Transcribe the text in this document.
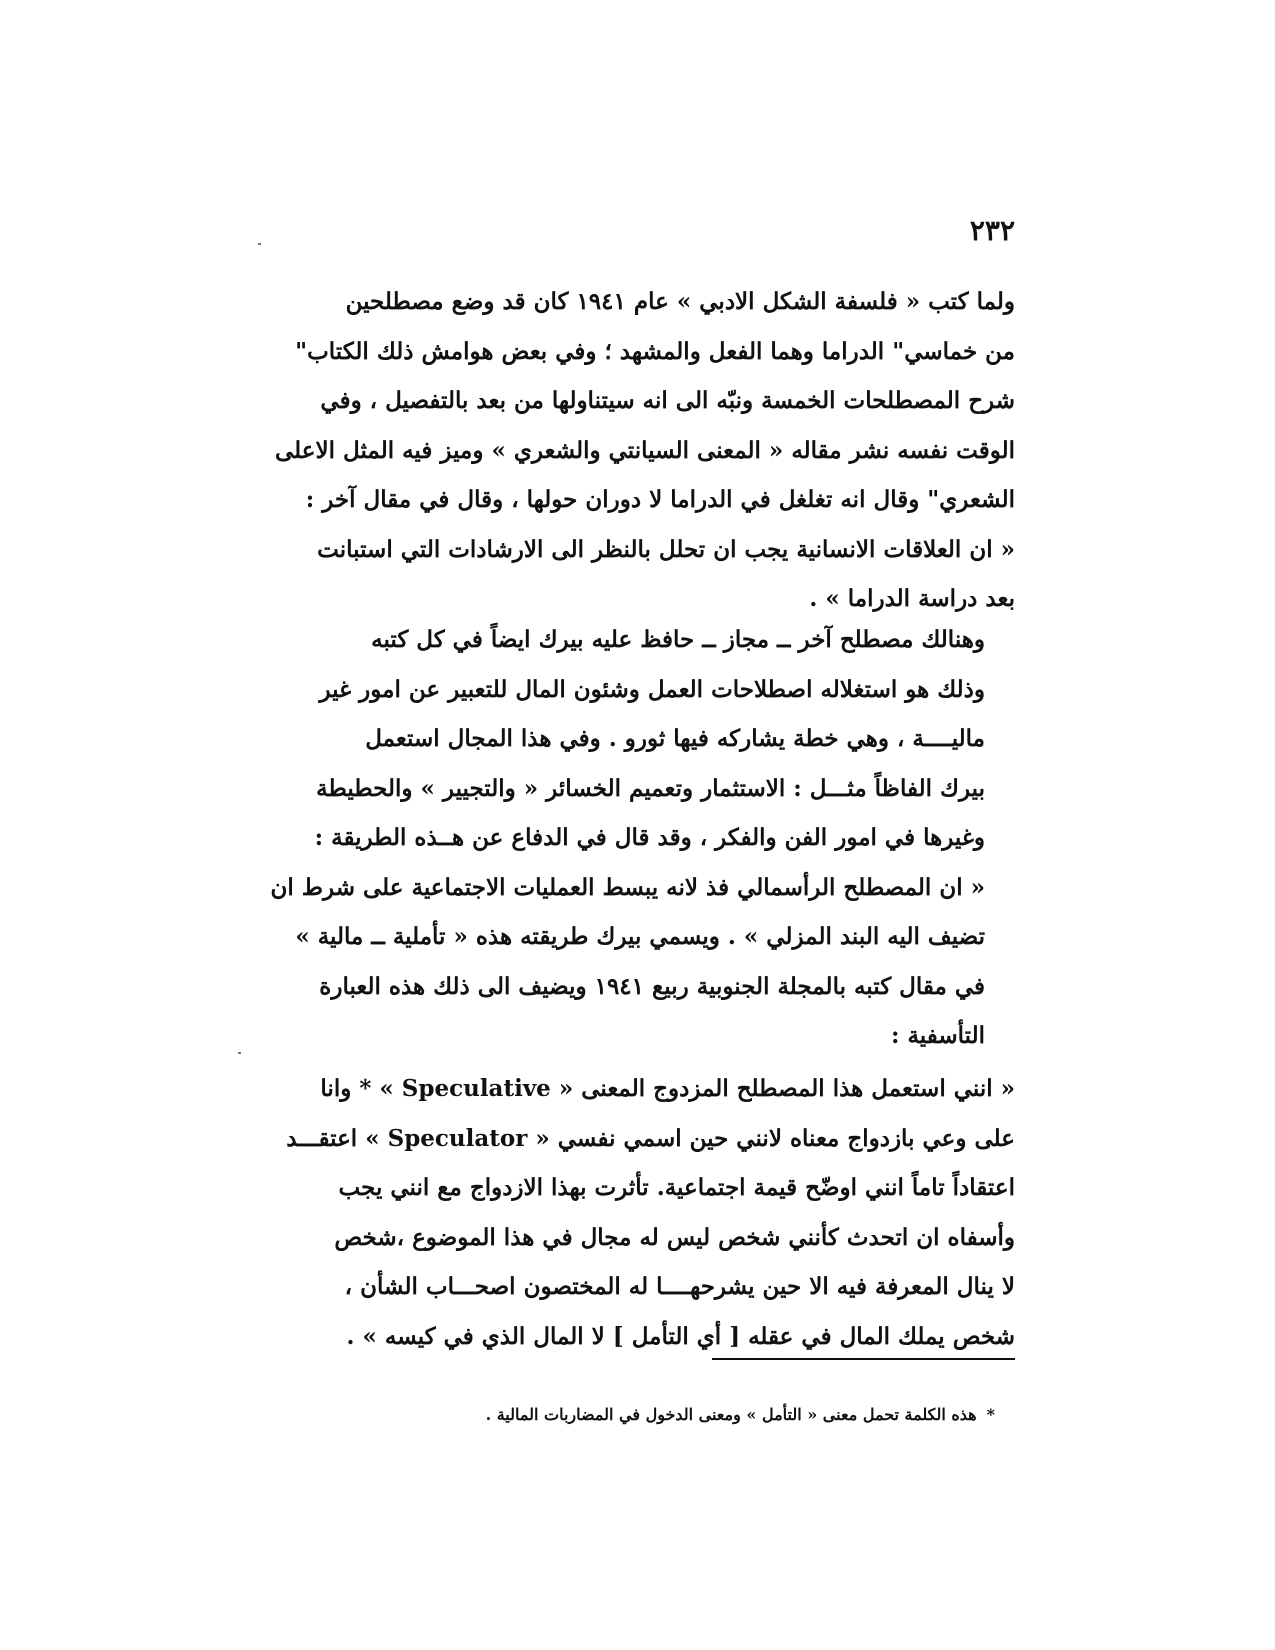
٢٣٢
ولما كتب « فلسفة الشكل الادبي » عام ١٩٤١ كان قد وضع مصطلحين
من خماسي" الدراما وهما الفعل والمشهد ؛ وفي بعض هوامش ذلك الكتاب"
شرح المصطلحات الخمسة ونبّه الى انه سيتناولها من بعد بالتفصيل ، وفي
الوقت نفسه نشر مقاله « المعنى السيانتي والشعري » وميز فيه المثل الاعلى
الشعري" وقال انه تغلغل في الدراما لا دوران حولها ، وقال في مقال آخر :
« ان العلاقات الانسانية يجب ان تحلل بالنظر الى الارشادات التي استبانت
بعد دراسة الدراما » .
وهنالك مصطلح آخر ــ مجاز ــ حافظ عليه بيرك ايضاً في كل كتبه
وذلك هو استغلاله اصطلاحات العمل وشئون المال للتعبير عن امور غير
ماليــــة ، وهي خطة يشاركه فيها ثورو . وفي هذا المجال استعمل
بيرك الفاظاً مثـــل : الاستثمار وتعميم الخسائر « والتجيير » والحطيطة
وغيرها في امور الفن والفكر ، وقد قال في الدفاع عن هــذه الطريقة :
« ان المصطلح الرأسمالي فذ لانه يبسط العمليات الاجتماعية على شرط ان
تضيف اليه البند المزلي » . ويسمي بيرك طريقته هذه « تأملية ــ مالية »
في مقال كتبه بالمجلة الجنوبية ربيع ١٩٤١ ويضيف الى ذلك هذه العبارة
التأسفية :
« انني استعمل هذا المصطلح المزدوج المعنى « Speculative » * وانا
على وعي بازدواج معناه لانني حين اسمي نفسي « Speculator » اعتقـــد
اعتقاداً تاماً انني اوضّح قيمة اجتماعية. تأثرت بهذا الازدواج مع انني يجب
وأسفاه ان اتحدث كأنني شخص ليس له مجال في هذا الموضوع ،شخص
لا ينال المعرفة فيه الا حين يشرحهــــا له المختصون اصحـــاب الشأن ،
شخص يملك المال في عقله [ أي التأمل ] لا المال الذي في كيسه » .
*هذه الكلمة تحمل معنى « التأمل » ومعنى الدخول في المضاربات المالية .
